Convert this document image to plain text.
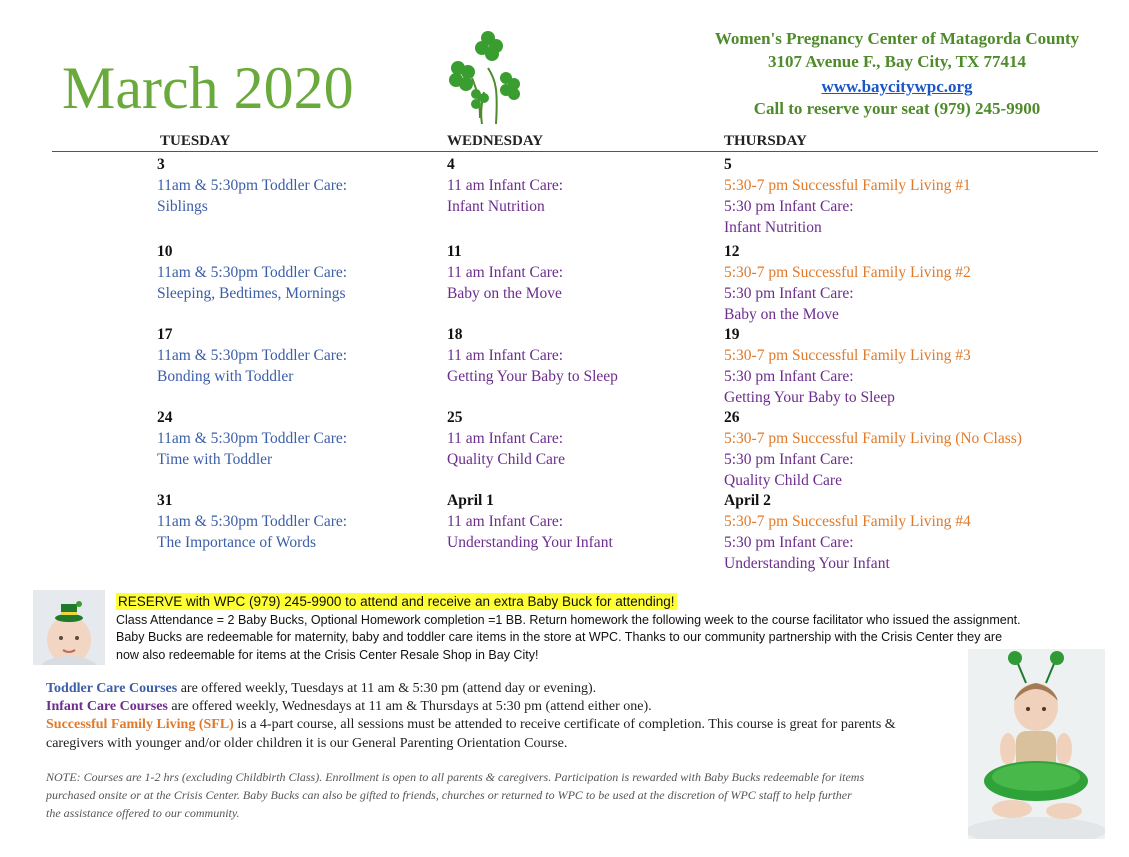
March 2020
Women's Pregnancy Center of Matagorda County
3107 Avenue F., Bay City, TX 77414
www.baycitywpc.org
Call to reserve your seat (979) 245-9900
TUESDAY	WEDNESDAY	THURSDAY
3
11am & 5:30pm Toddler Care:
Siblings
4
11 am Infant Care:
Infant Nutrition
5
5:30-7 pm Successful Family Living #1
5:30 pm Infant Care:
Infant Nutrition
10
11am & 5:30pm Toddler Care:
Sleeping, Bedtimes, Mornings
11
11 am Infant Care:
Baby on the Move
12
5:30-7 pm Successful Family Living #2
5:30 pm Infant Care:
Baby on the Move
17
11am & 5:30pm Toddler Care:
Bonding with Toddler
18
11 am Infant Care:
Getting Your Baby to Sleep
19
5:30-7 pm Successful Family Living #3
5:30 pm Infant Care:
Getting Your Baby to Sleep
24
11am & 5:30pm Toddler Care:
Time with Toddler
25
11 am Infant Care:
Quality Child Care
26
5:30-7 pm Successful Family Living (No Class)
5:30 pm Infant Care:
Quality Child Care
31
11am & 5:30pm Toddler Care:
The Importance of Words
April 1
11 am Infant Care:
Understanding Your Infant
April 2
5:30-7 pm Successful Family Living #4
5:30 pm Infant Care:
Understanding Your Infant
RESERVE with WPC (979) 245-9900 to attend and receive an extra Baby Buck for attending!
Class Attendance = 2 Baby Bucks, Optional Homework completion =1 BB. Return homework the following week to the course facilitator who issued the assignment.
Baby Bucks are redeemable for maternity, baby and toddler care items in the store at WPC. Thanks to our community partnership with the Crisis Center they are
now also redeemable for items at the Crisis Center Resale Shop in Bay City!
Toddler Care Courses are offered weekly, Tuesdays at 11 am & 5:30 pm (attend day or evening).
Infant Care Courses are offered weekly, Wednesdays at 11 am & Thursdays at 5:30 pm (attend either one).
Successful Family Living (SFL) is a 4-part course, all sessions must be attended to receive certificate of completion. This course is great for parents &
caregivers with younger and/or older children it is our General Parenting Orientation Course.
NOTE: Courses are 1-2 hrs (excluding Childbirth Class). Enrollment is open to all parents & caregivers. Participation is rewarded with Baby Bucks redeemable for items
purchased onsite or at the Crisis Center. Baby Bucks can also be gifted to friends, churches or returned to WPC to be used at the discretion of WPC staff to help further
the assistance offered to our community.
